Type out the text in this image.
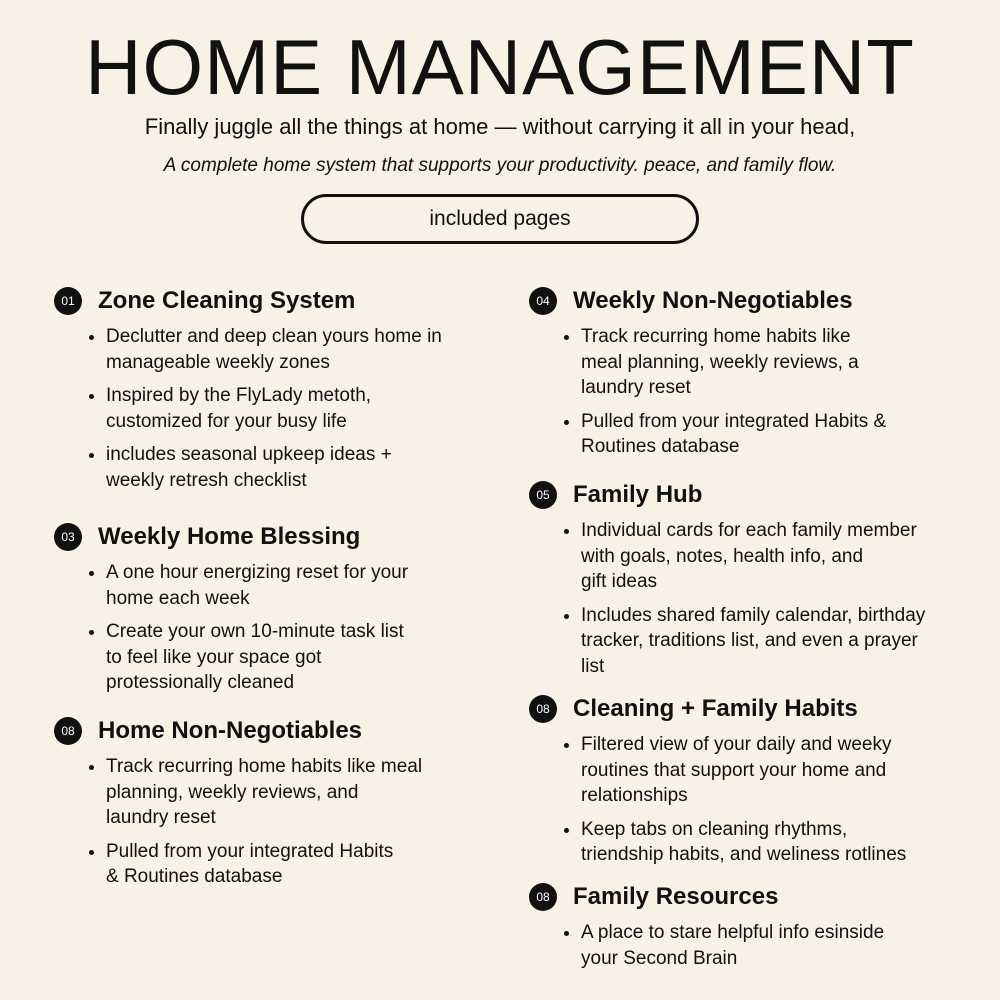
HOME MANAGEMENT
Finally juggle all the things at home — without carrying it all in your head,
A complete home system that supports your productivity. peace, and family flow.
included pages
01 Zone Cleaning System
Declutter and deep clean yours home in
manageable weekly zones
Inspired by the FlyLady metoth,
customized for your busy life
includes seasonal upkeep ideas +
weekly retresh checklist
03 Weekly Home Blessing
A one hour energizing reset for your
home each week
Create your own 10-minute task list
to feel like your space got
protessionally cleaned
08 Home Non-Negotiables
Track recurring home habits like meal
planning, weekly reviews, and
laundry reset
Pulled from your integrated Habits
& Routines database
04 Weekly Non-Negotiables
Track recurring home habits like
meal planning, weekly reviews, a
laundry reset
Pulled from your integrated Habits &
Routines database
05 Family Hub
Individual cards for each family member
with goals, notes, health info, and
gift ideas
Includes shared family calendar, birthday
tracker, traditions list, and even a prayer
list
08 Cleaning + Family Habits
Filtered view of your daily and weeky
routines that support your home and
relationships
Keep tabs on cleaning rhythms,
triendship habits, and weliness rotlines
08 Family Resources
A place to stare helpful info esinside
your Second Brain
